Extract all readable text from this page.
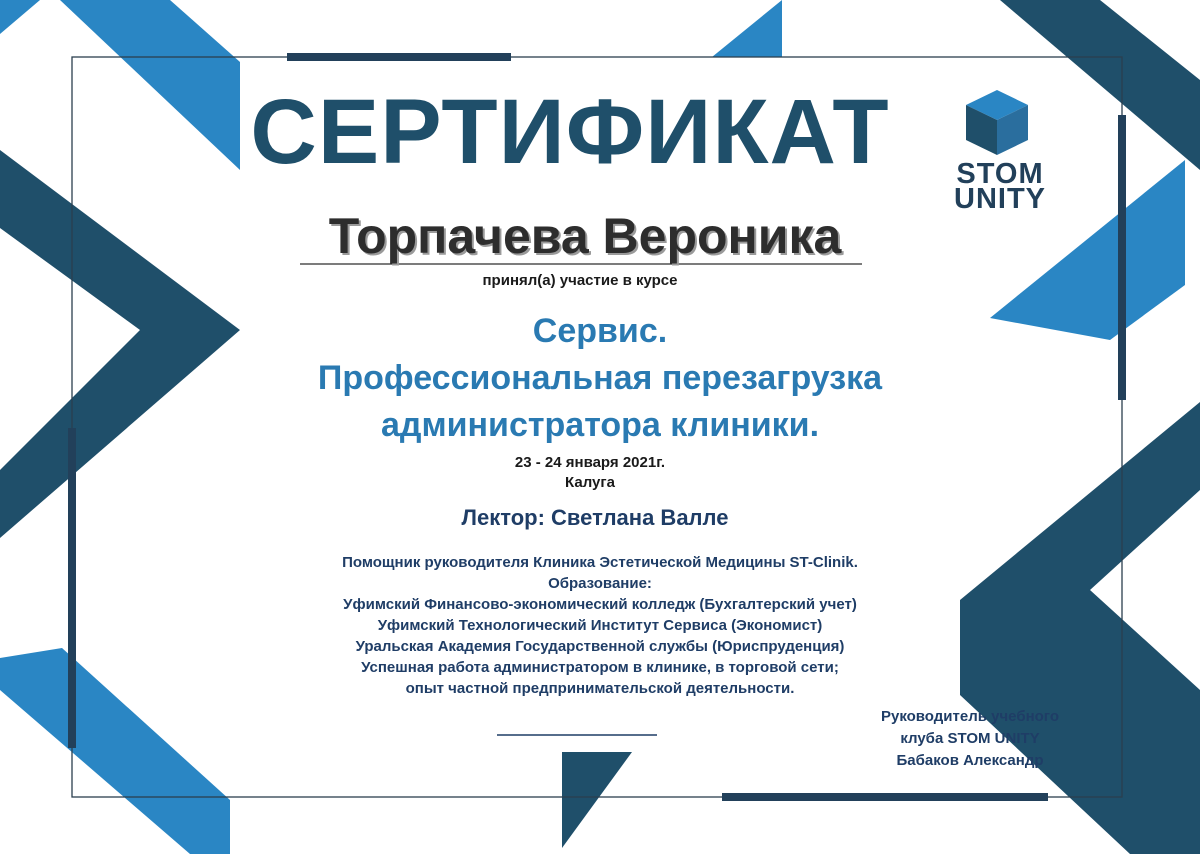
СЕРТИФИКАТ	STOM
UNITY
Торпачева Вероника
принял(а) участие в курсе
Сервис.
Профессиональная перезагрузка
администратора клиники.
23 - 24 января 2021г.
Калуга
Лектор: Светлана Валле
Помощник руководителя Клиника Эстетической Медицины ST-Clinik.
Образование:
Уфимский Финансово-экономический колледж (Бухгалтерский учет)
Уфимский Технологический Институт Сервиса (Экономист)
Уральская Академия Государственной службы (Юриспруденция)
Успешная работа администратором в клинике, в торговой сети;
опыт частной предпринимательской деятельности.
Руководитель учебного
клуба STOM UNITY
Бабаков Александр
